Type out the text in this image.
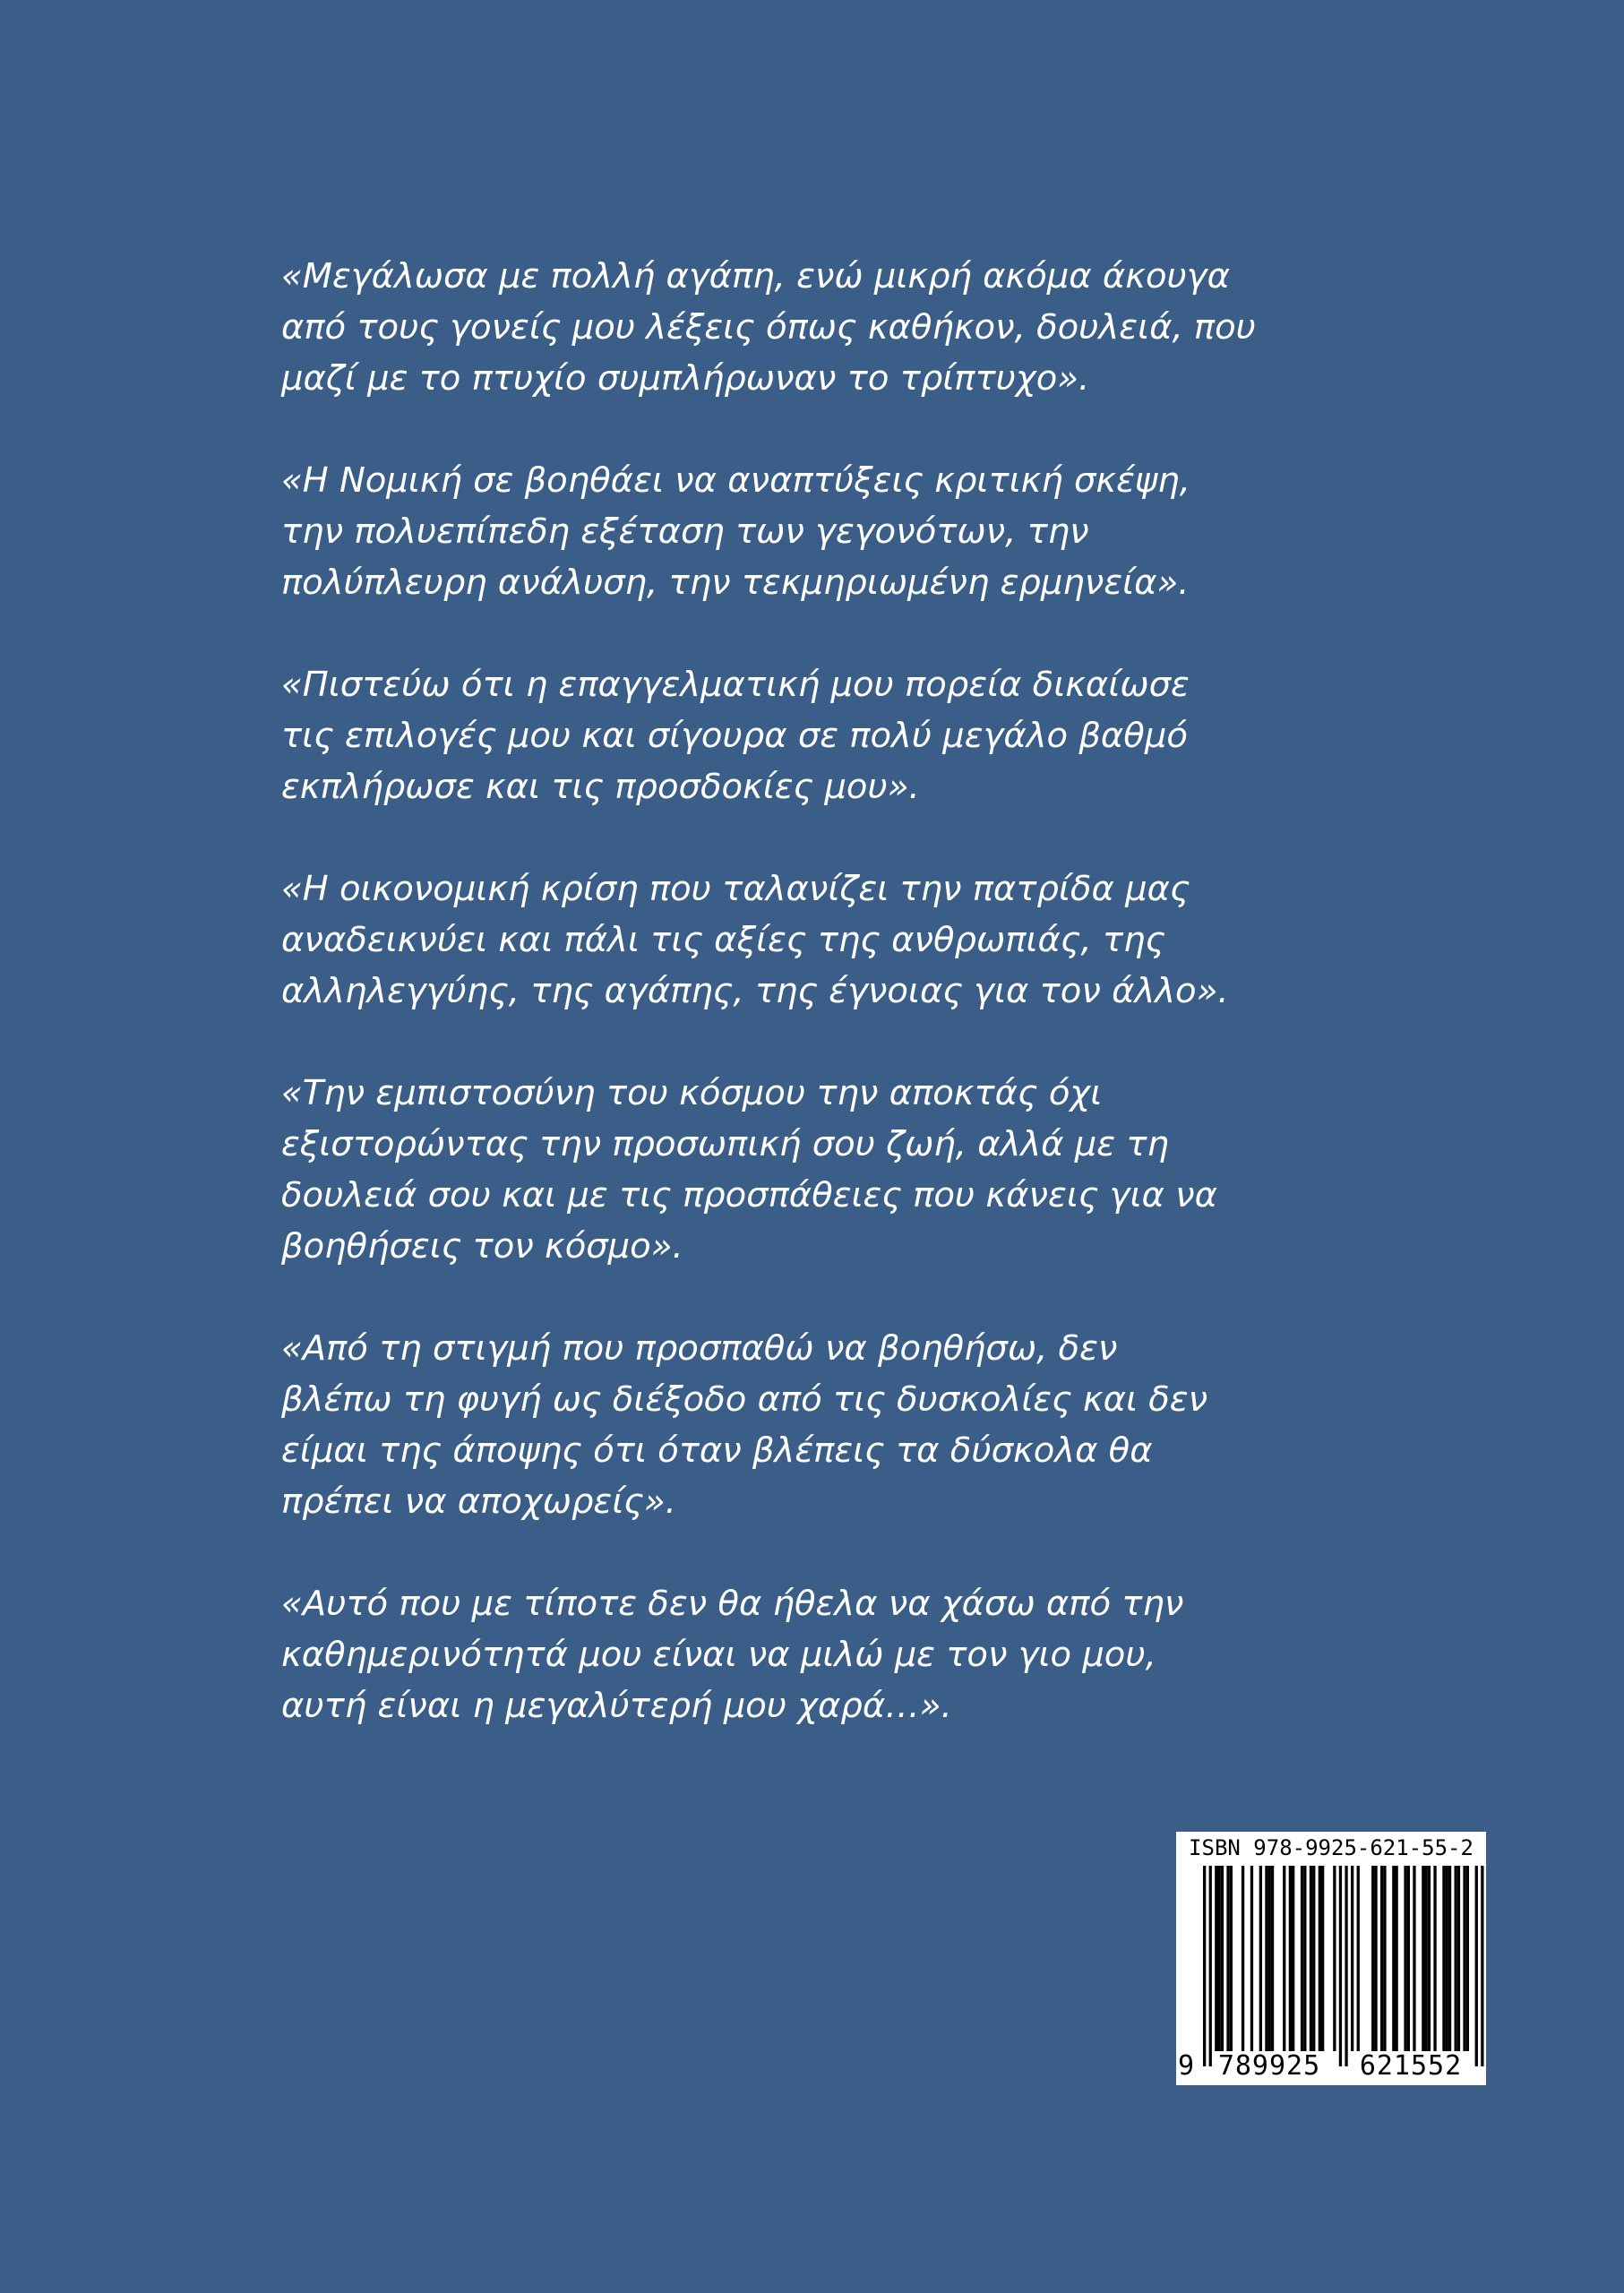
«Μεγάλωσα με πολλή αγάπη, ενώ μικρή ακόμα άκουγα
από τους γονείς μου λέξεις όπως καθήκον, δουλειά, που
μαζί με το πτυχίο συμπλήρωναν το τρίπτυχο».

«Η Νομική σε βοηθάει να αναπτύξεις κριτική σκέψη,
την πολυεπίπεδη εξέταση των γεγονότων, την
πολύπλευρη ανάλυση, την τεκμηριωμένη ερμηνεία».

«Πιστεύω ότι η επαγγελματική μου πορεία δικαίωσε
τις επιλογές μου και σίγουρα σε πολύ μεγάλο βαθμό
εκπλήρωσε και τις προσδοκίες μου».

«Η οικονομική κρίση που ταλανίζει την πατρίδα μας
αναδεικνύει και πάλι τις αξίες της ανθρωπιάς, της
αλληλεγγύης, της αγάπης, της έγνοιας για τον άλλο».

«Την εμπιστοσύνη του κόσμου την αποκτάς όχι
εξιστορώντας την προσωπική σου ζωή, αλλά με τη
δουλειά σου και με τις προσπάθειες που κάνεις για να
βοηθήσεις τον κόσμο».

«Από τη στιγμή που προσπαθώ να βοηθήσω, δεν
βλέπω τη φυγή ως διέξοδο από τις δυσκολίες και δεν
είμαι της άποψης ότι όταν βλέπεις τα δύσκολα θα
πρέπει να αποχωρείς».

«Αυτό που με τίποτε δεν θα ήθελα να χάσω από την
καθημερινότητά μου είναι να μιλώ με τον γιο μου,
αυτή είναι η μεγαλύτερή μου χαρά…».

ISBN 978-9925-621-55-2
9 789925	621552
